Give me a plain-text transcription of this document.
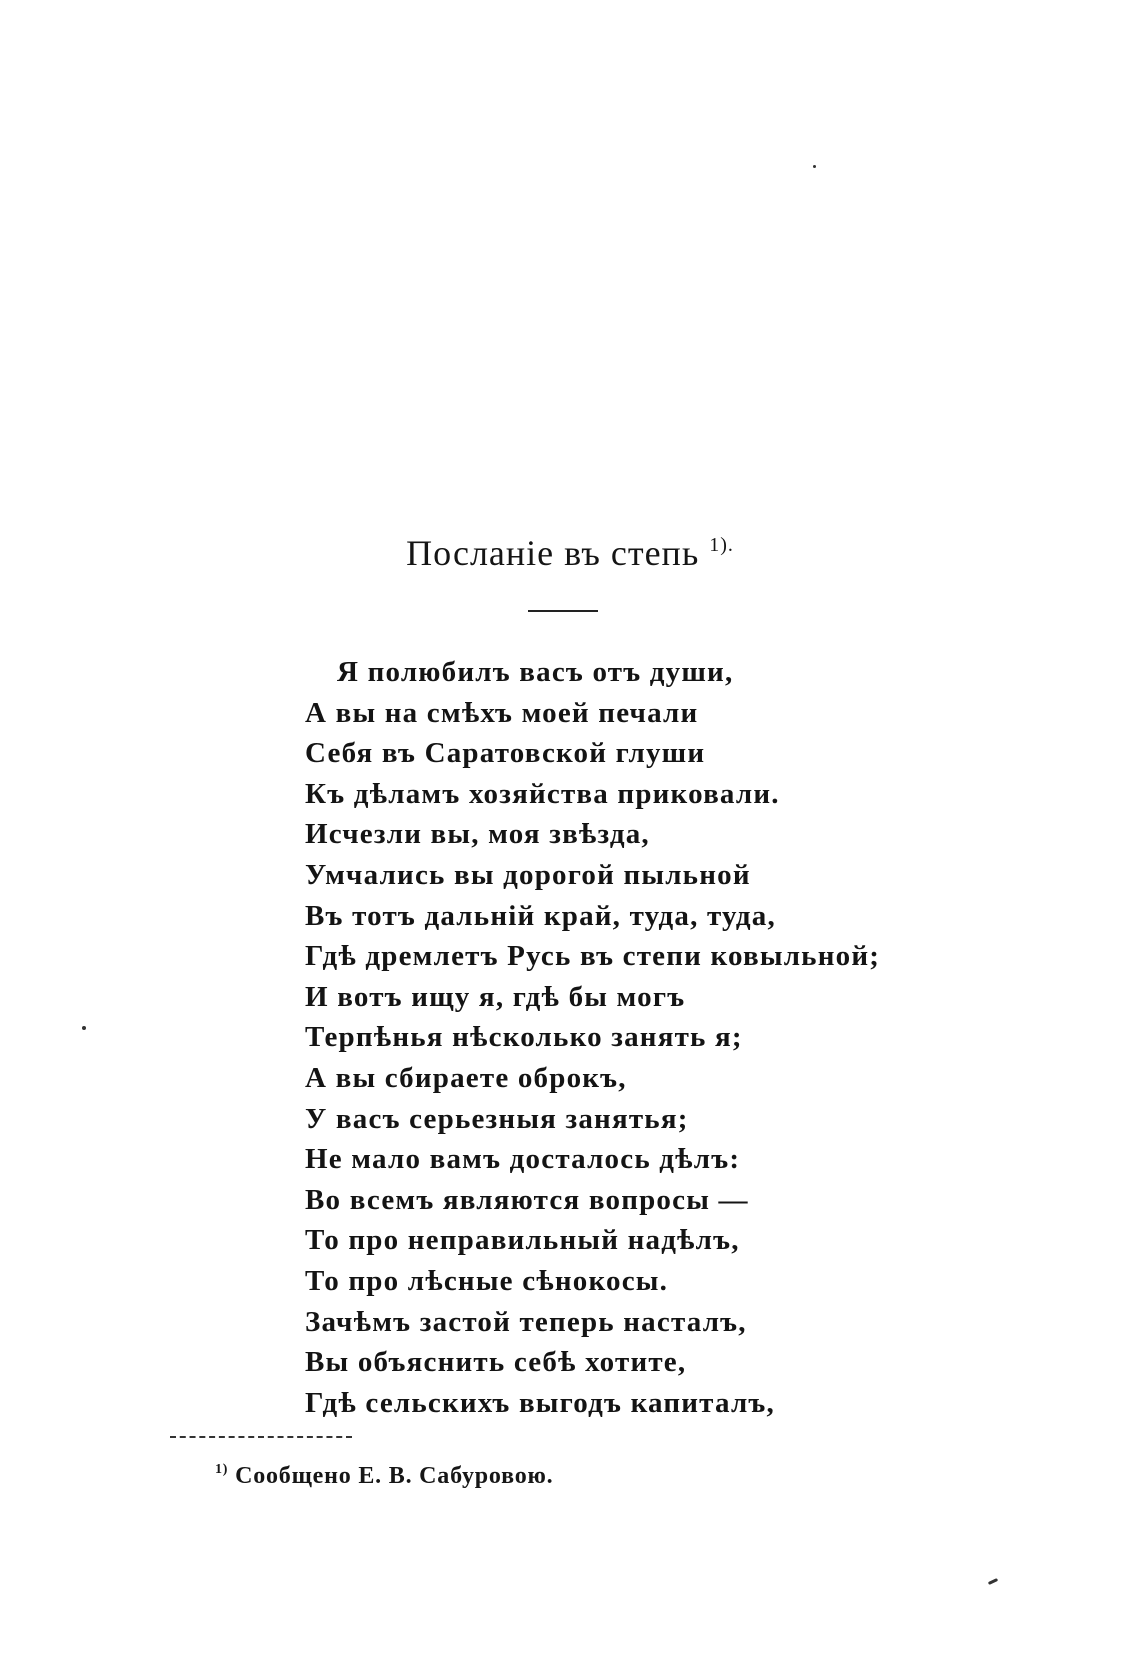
Посланіе въ степь $^{1).}$
Я полюбилъ васъ отъ души,
А вы на смѣхъ моей печали
Себя въ Саратовской глуши
Къ дѣламъ хозяйства приковали.
Исчезли вы, моя звѣзда,
Умчались вы дорогой пыльной
Въ тотъ дальній край, туда, туда,
Гдѣ дремлетъ Русь въ степи ковыльной;
И вотъ ищу я, гдѣ бы могъ
Терпѣнья нѣсколько занять я;
А вы сбираете оброкъ,
У васъ серьезныя занятья;
Не мало вамъ досталось дѣлъ:
Во всемъ являются вопросы —
То про неправильный надѣлъ,
То про лѣсные сѣнокосы.
Зачѣмъ застой теперь насталъ,
Вы объяснить себѣ хотите,
Гдѣ сельскихъ выгодъ капиталъ,
$^{1)}$ Сообщено Е. В. Сабуровою.
